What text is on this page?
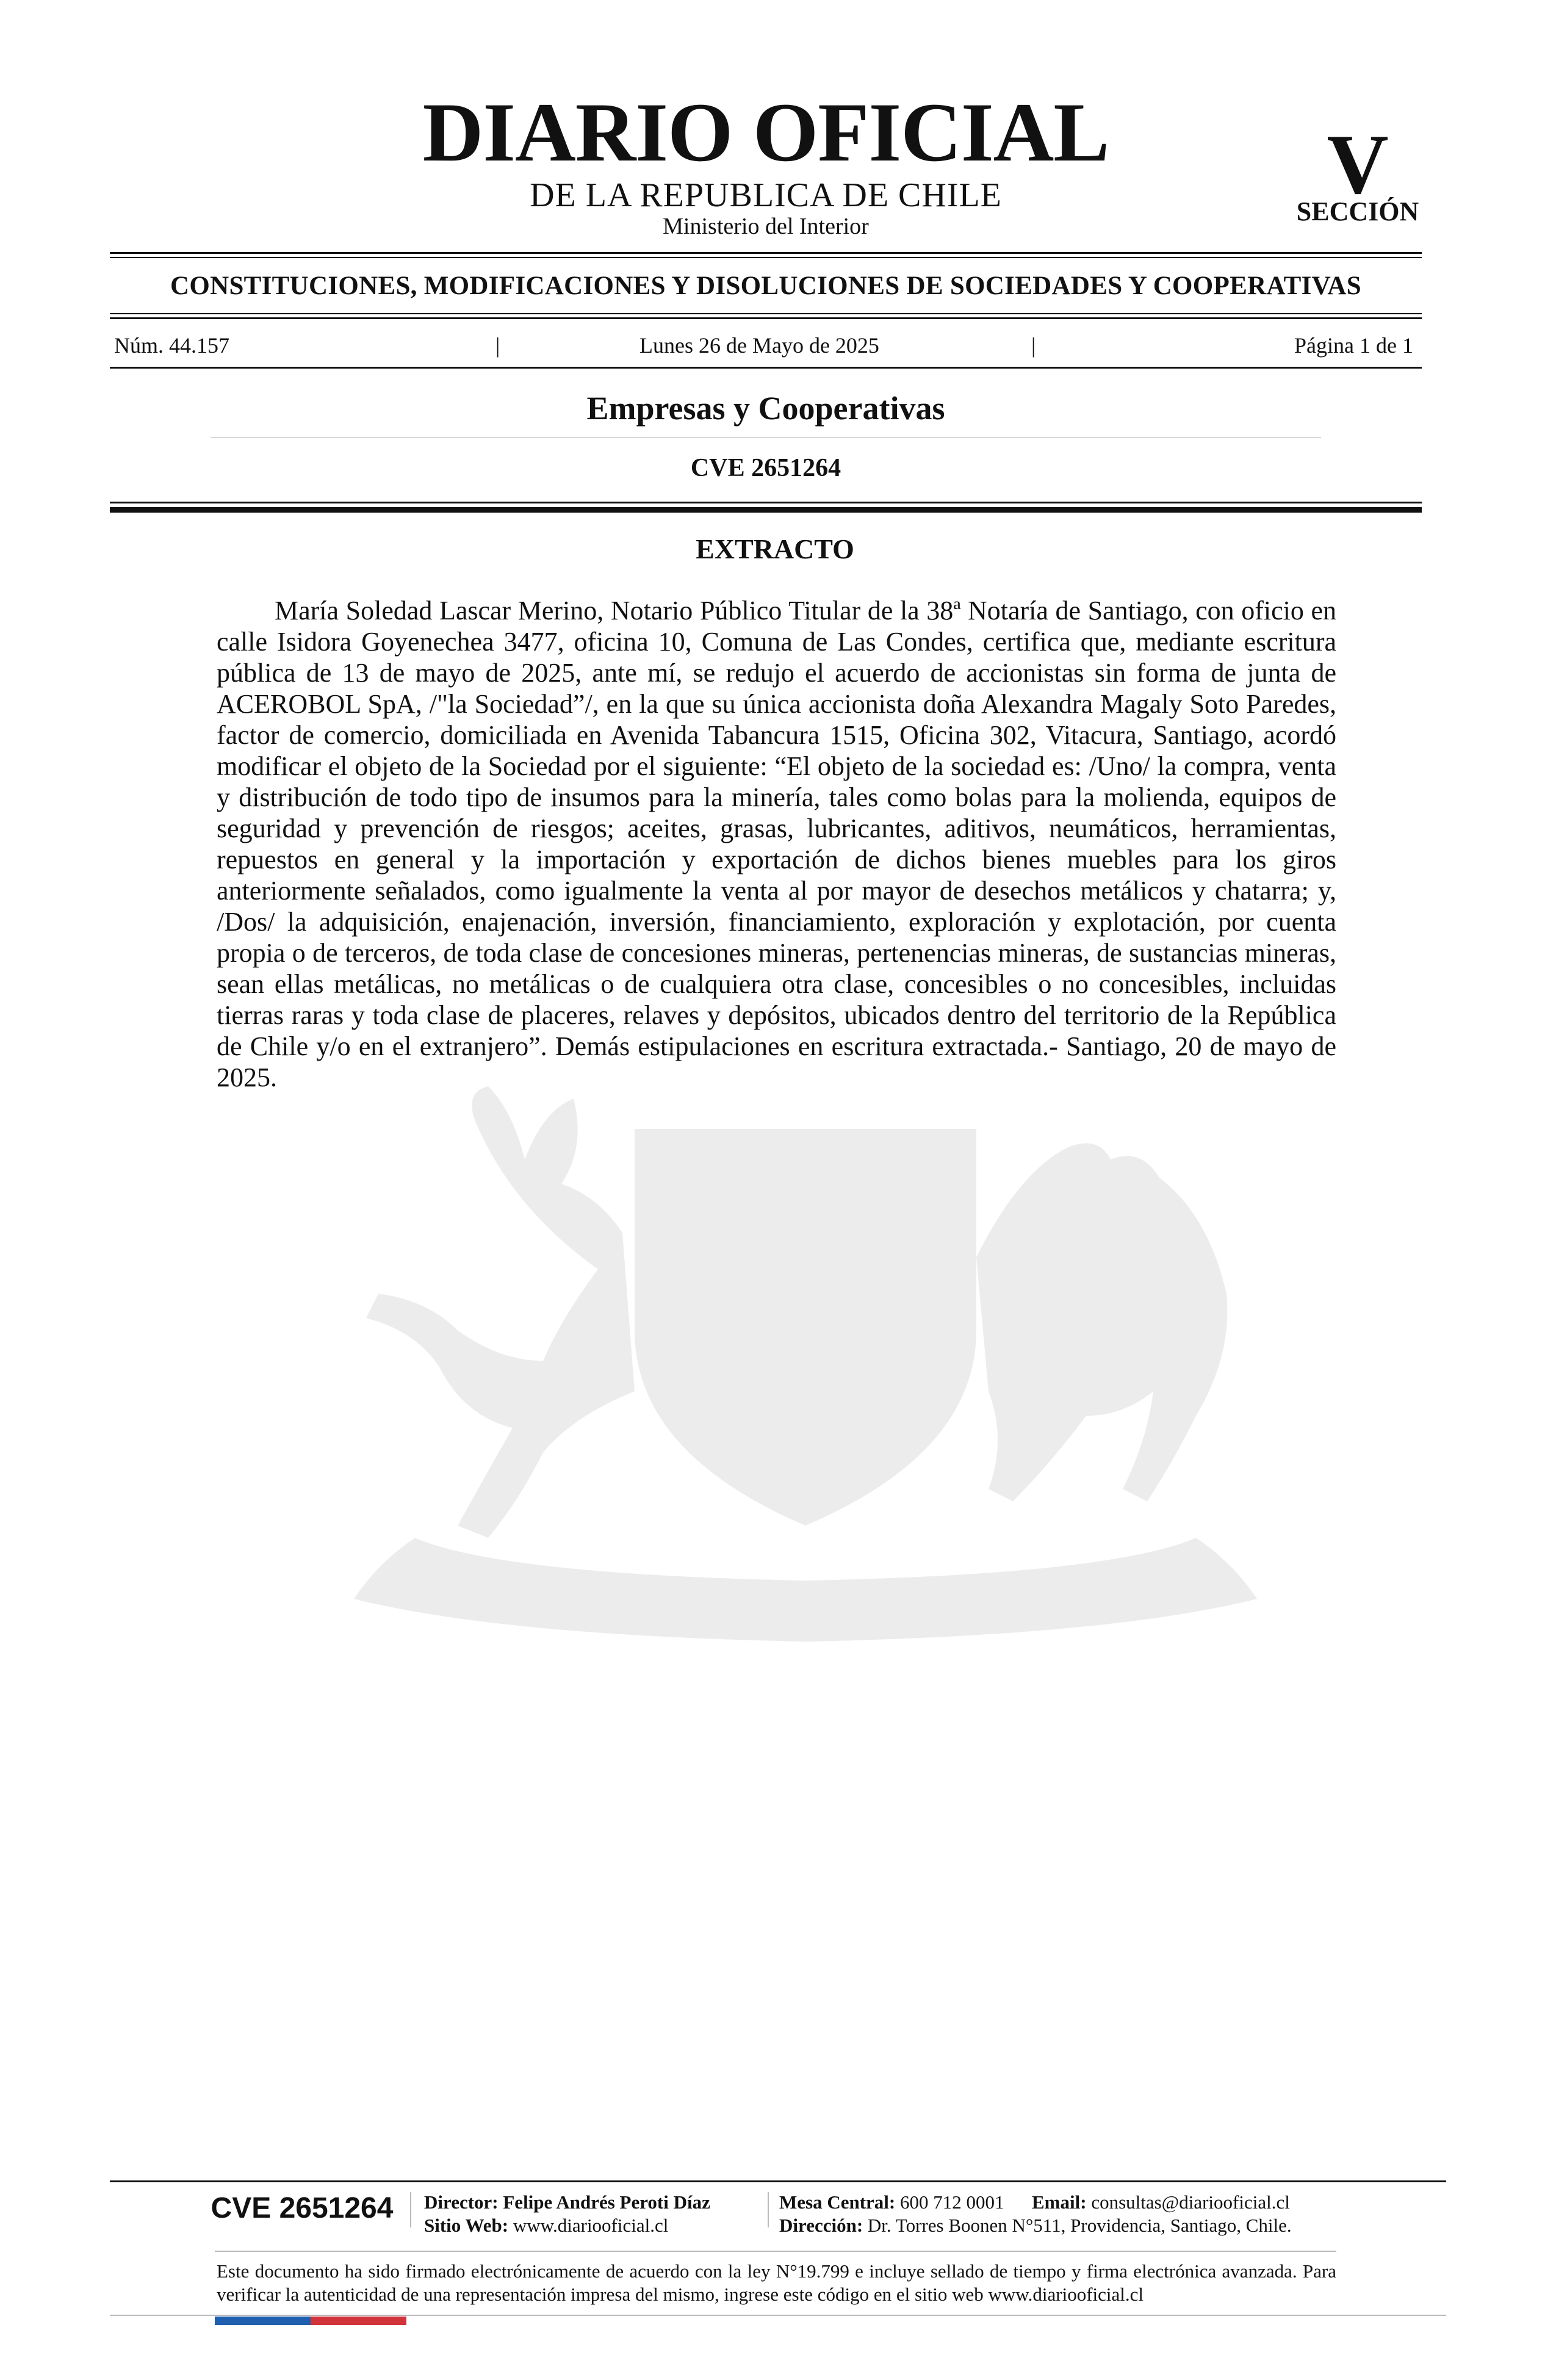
DIARIO OFICIAL
DE LA REPUBLICA DE CHILE
Ministerio del Interior
V
SECCIÓN
CONSTITUCIONES, MODIFICACIONES Y DISOLUCIONES DE SOCIEDADES Y COOPERATIVAS
Núm. 44.157	|	Lunes 26 de Mayo de 2025	|	Página 1 de 1
Empresas y Cooperativas
CVE 2651264
EXTRACTO
María Soledad Lascar Merino, Notario Público Titular de la 38ª Notaría de Santiago, con oficio en calle Isidora Goyenechea 3477, oficina 10, Comuna de Las Condes, certifica que, mediante escritura pública de 13 de mayo de 2025, ante mí, se redujo el acuerdo de accionistas sin forma de junta de ACEROBOL SpA, /"la Sociedad”/, en la que su única accionista doña Alexandra Magaly Soto Paredes, factor de comercio, domiciliada en Avenida Tabancura 1515, Oficina 302, Vitacura, Santiago, acordó modificar el objeto de la Sociedad por el siguiente: “El objeto de la sociedad es: /Uno/ la compra, venta y distribución de todo tipo de insumos para la minería, tales como bolas para la molienda, equipos de seguridad y prevención de riesgos; aceites, grasas, lubricantes, aditivos, neumáticos, herramientas, repuestos en general y la importación y exportación de dichos bienes muebles para los giros anteriormente señalados, como igualmente la venta al por mayor de desechos metálicos y chatarra; y, /Dos/ la adquisición, enajenación, inversión, financiamiento, exploración y explotación, por cuenta propia o de terceros, de toda clase de concesiones mineras, pertenencias mineras, de sustancias mineras, sean ellas metálicas, no metálicas o de cualquiera otra clase, concesibles o no concesibles, incluidas tierras raras y toda clase de placeres, relaves y depósitos, ubicados dentro del territorio de la República de Chile y/o en el extranjero”. Demás estipulaciones en escritura extractada.- Santiago, 20 de mayo de 2025.
POR LA RAZON O LA FUERZA
CVE 2651264	Director: Felipe Andrés Peroti Díaz
Sitio Web: www.diariooficial.cl
Mesa Central: 600 712 0001 Email: consultas@diariooficial.cl
Dirección: Dr. Torres Boonen N°511, Providencia, Santiago, Chile.
Este documento ha sido firmado electrónicamente de acuerdo con la ley N°19.799 e incluye sellado de tiempo y firma electrónica avanzada. Para verificar la autenticidad de una representación impresa del mismo, ingrese este código en el sitio web www.diariooficial.cl
